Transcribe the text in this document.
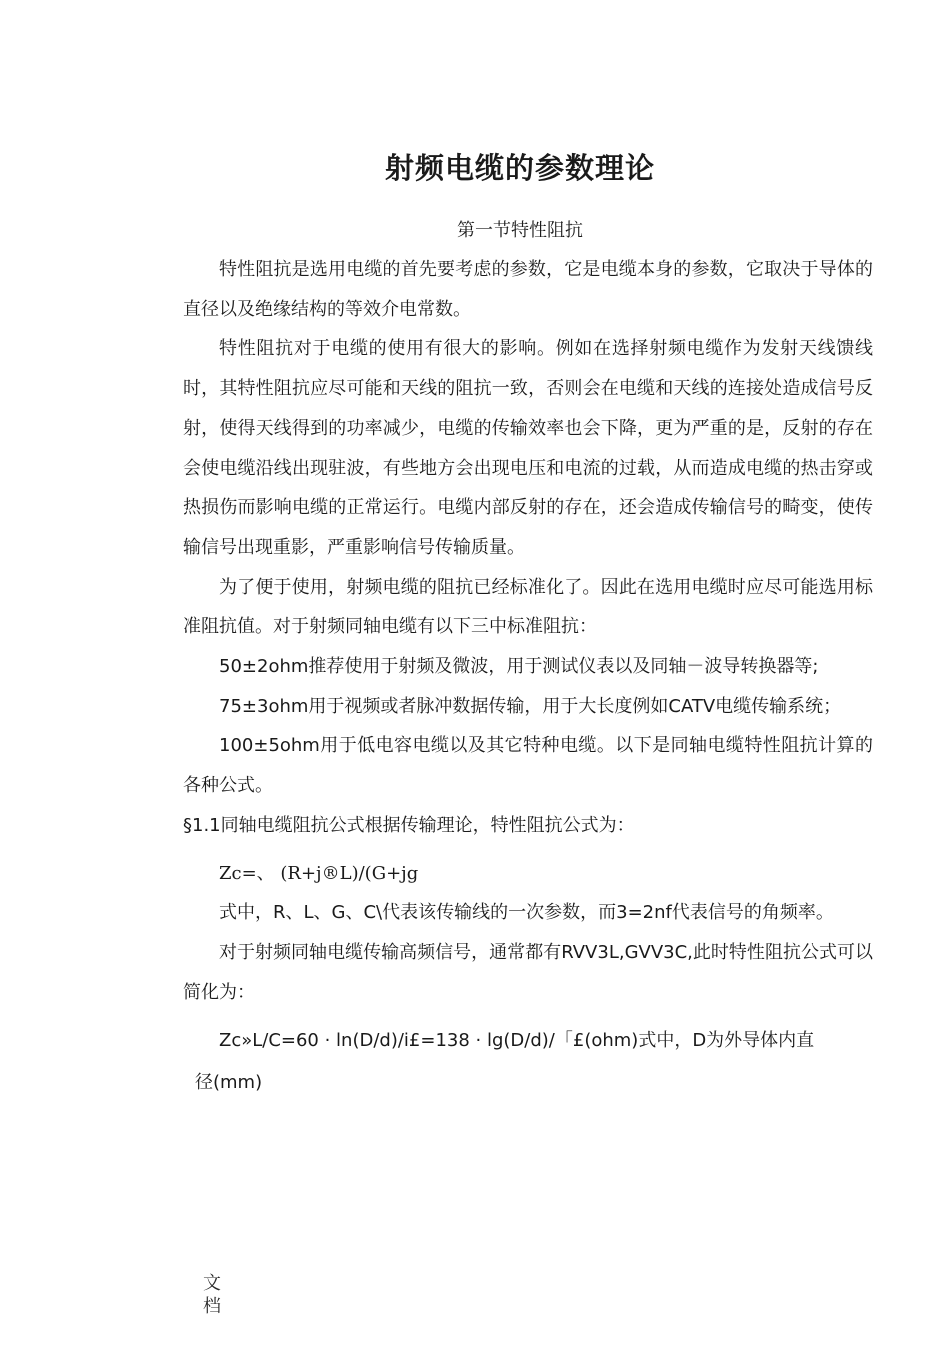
射频电缆的参数理论
第一节特性阻抗

特性阻抗是选用电缆的首先要考虑的参数，它是电缆本身的参数，它取决于导体的直径以及绝缘结构的等效介电常数。

特性阻抗对于电缆的使用有很大的影响。例如在选择射频电缆作为发射天线馈线时，其特性阻抗应尽可能和天线的阻抗一致，否则会在电缆和天线的连接处造成信号反射，使得天线得到的功率减少，电缆的传输效率也会下降，更为严重的是，反射的存在会使电缆沿线出现驻波，有些地方会出现电压和电流的过载，从而造成电缆的热击穿或热损伤而影响电缆的正常运行。电缆内部反射的存在，还会造成传输信号的畸变，使传输信号出现重影，严重影响信号传输质量。

为了便于使用，射频电缆的阻抗已经标准化了。因此在选用电缆时应尽可能选用标准阻抗值。对于射频同轴电缆有以下三中标准阻抗：

50±2ohm推荐使用于射频及微波，用于测试仪表以及同轴－波导转换器等;

75±3ohm用于视频或者脉冲数据传输，用于大长度例如CATV电缆传输系统；

100±5ohm用于低电容电缆以及其它特种电缆。以下是同轴电缆特性阻抗计算的各种公式。

§1.1同轴电缆阻抗公式根据传输理论，特性阻抗公式为：

Zc=、 (R+j®L)/(G+jg

式中，R、L、G、C\代表该传输线的一次参数，而3=2nf代表信号的角频率。

对于射频同轴电缆传输高频信号，通常都有RVV3L,GVV3C,此时特性阻抗公式可以简化为：

Zc»L/C=60 · ln(D/d)/i£=138 · lg(D/d)/「£(ohm)式中，D为外导体内直
径(mm)

文
档
